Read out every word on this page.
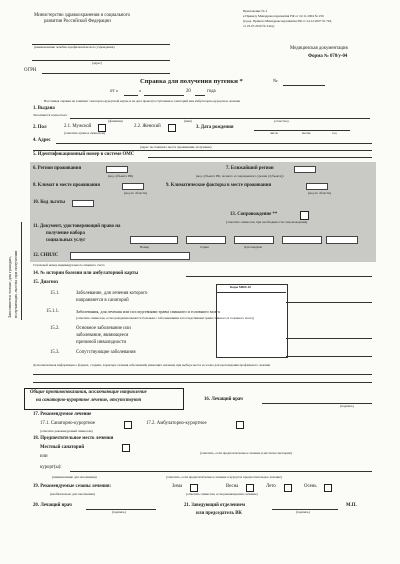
Министерство здравоохранения и социального
развития Российской Федерации
Приложение № 2
к Приказу Минздравсоцразвития РФ от 22.11.2004 № 256
(в ред. Приказа Минздравсоцразвития РФ от 24.12.2007 № 794,
от 23.07.2010 № 541н)
(наименование лечебно-профилактического учреждения)
(адрес)
ОГРН
Медицинская документация
Форма № 070/у-04
Справка для получения путевки *	№
от «	»	20	годa
Настоящая справка не заменяет санаторно-курортной карты и не дает права (поступления в санаторий или амбулаторно-курортное лечение
Заполняется только для граждан, получающих льготы при получении
1. Выдана
Заполняется полностью:
(фамилия)	(имя)	(отчество)
2. Пол	2.1. Мужской	2.2. Женский
(отметить нужное символом)
3. Дата рождения
число	месяц	год
4. Адрес
(адрес постоянного места проживания, получение)
5. Идентификационный номер в системе ОМС
6. Регион проживания
(код субъекта РФ)
7. Ближайший регион
(код субъекта РФ, полного и сокращенного уровня (субъекта))
8. Климат в месте проживания
(код по области)
9. Климатические факторы в месте проживания
(код по области)
10. Код льготы
13. Сопровождение **
(отметить символом, при необходимости сопровождения)
11. Документ, удостоверяющий право на
получение набора
социальных услуг
Номер	Серия	Дата выдачи
12. СНИЛС
Страховой номер индивидуального лицевого счета
14. № истории болезни или амбулаторной карты
15. Диагноз
Коды МКБ-10
15.1.	Заболевание, для лечения которого
направляется в санаторий
15.1.1.	Заболевания, для лечения или последствиями травм спинного и головного мозга
(отметить символом, если гражданин является больным с заболеваниями и последствиями травм спинного и головного мозга)
15.2.	Основное заболевание или
заболевание, являющееся
причиной инвалидности
15.3.	Сопутствующие заболевания
Дополнительная информация о формах, стадиях, характере течения заболеваний, имеющих значение при выборе места и сезона для прохождения профильного лечения
Общие противопоказания, исключающие направление
на санаторно-курортное лечение, отсутствуют	16. Лечащий врач
(подпись)
17. Рекомендуемое лечение
17.1. Санаторно-курортное	17.2. Амбулаторно-курортное
(отметить рекомендуемый символом)
18. Предпочтительное место лечения
Местный санаторий
или
(отметить, если предпочтительное лечение в местном санатории)
курорт(ы):
(наименование для заполнения)	(отметить, если предпочтительное лечение в курортах предпочтительное лечение)
19. Рекомендуемые сезоны лечения:	Зима	Весна	Лето	Осень
(необязательно для заполнения)	(отметить символом, если рекомендовано лечение)
20. Лечащий врач
(подпись)
21. Заведующий отделением
или председатель ВК	(подпись)
М.П.
